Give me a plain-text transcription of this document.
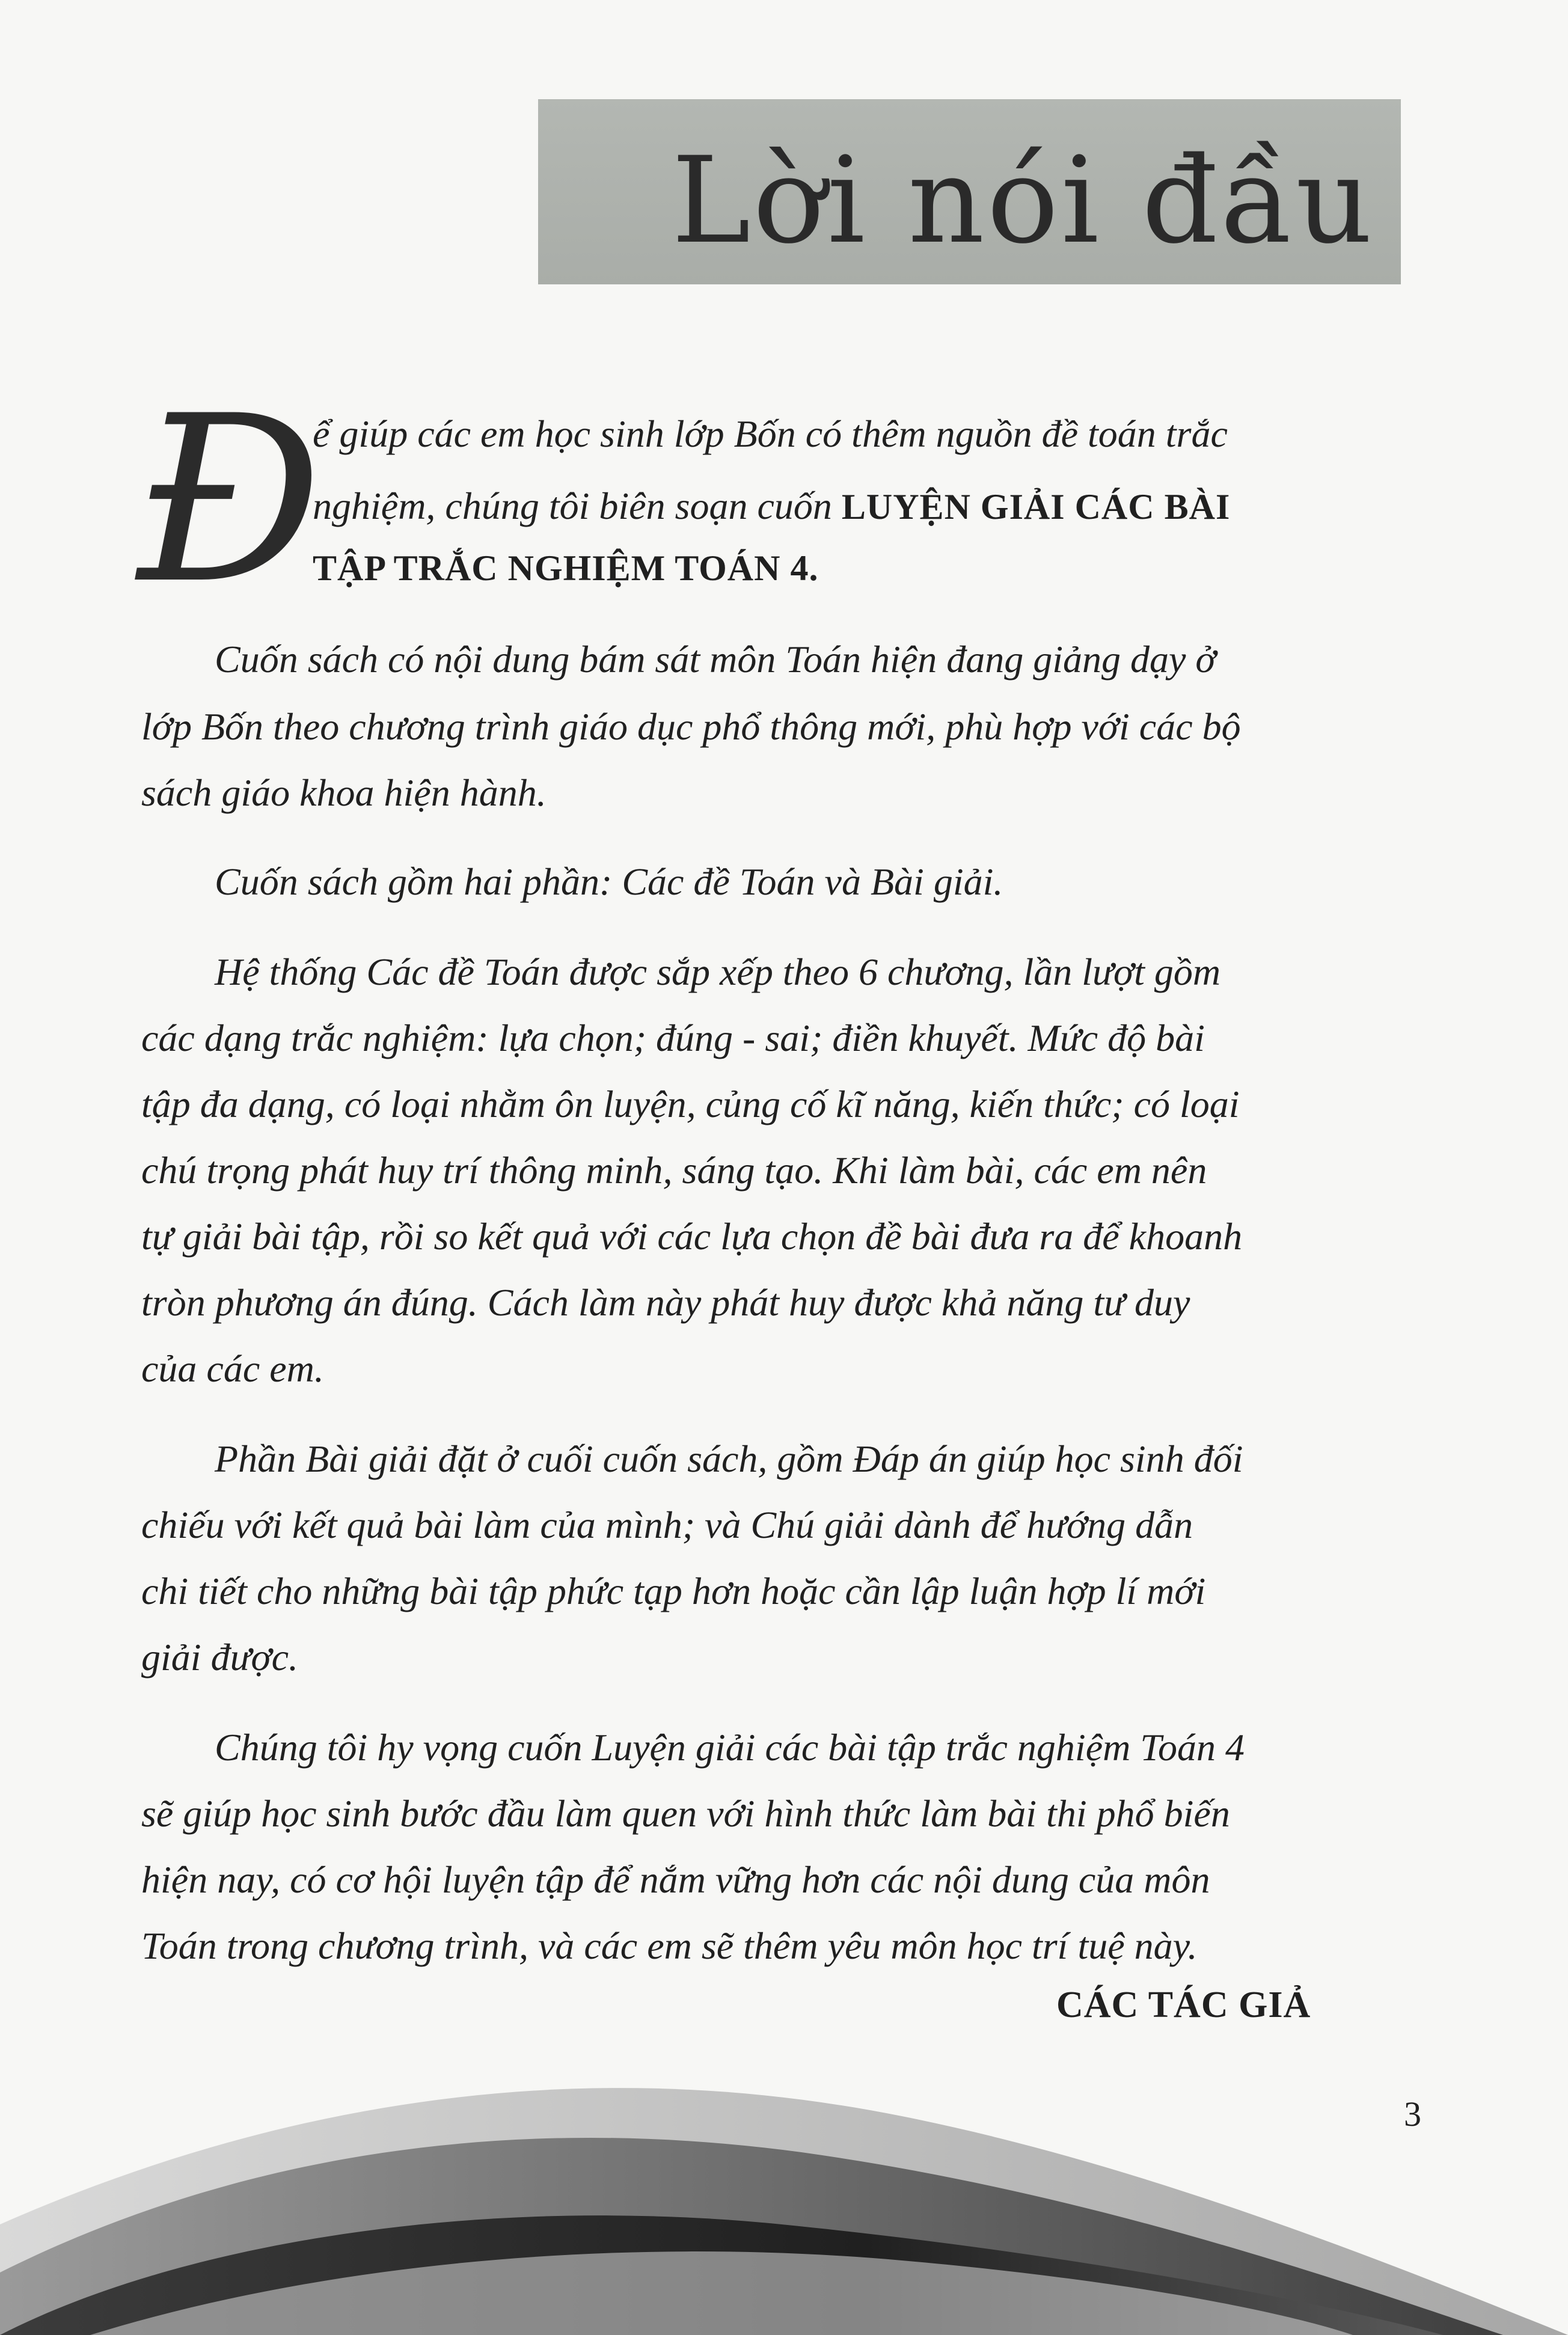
Lời nói đầu
Đ
ể giúp các em học sinh lớp Bốn có thêm nguồn đề toán trắc
nghiệm, chúng tôi biên soạn cuốn LUYỆN GIẢI CÁC BÀI
TẬP TRẮC NGHIỆM TOÁN 4.
Cuốn sách có nội dung bám sát môn Toán hiện đang giảng dạy ở
lớp Bốn theo chương trình giáo dục phổ thông mới, phù hợp với các bộ
sách giáo khoa hiện hành.
Cuốn sách gồm hai phần: Các đề Toán và Bài giải.
Hệ thống Các đề Toán được sắp xếp theo 6 chương, lần lượt gồm
các dạng trắc nghiệm: lựa chọn; đúng - sai; điền khuyết. Mức độ bài
tập đa dạng, có loại nhằm ôn luyện, củng cố kĩ năng, kiến thức; có loại
chú trọng phát huy trí thông minh, sáng tạo. Khi làm bài, các em nên
tự giải bài tập, rồi so kết quả với các lựa chọn đề bài đưa ra để khoanh
tròn phương án đúng. Cách làm này phát huy được khả năng tư duy
của các em.
Phần Bài giải đặt ở cuối cuốn sách, gồm Đáp án giúp học sinh đối
chiếu với kết quả bài làm của mình; và Chú giải dành để hướng dẫn
chi tiết cho những bài tập phức tạp hơn hoặc cần lập luận hợp lí mới
giải được.
Chúng tôi hy vọng cuốn Luyện giải các bài tập trắc nghiệm Toán 4
sẽ giúp học sinh bước đầu làm quen với hình thức làm bài thi phổ biến
hiện nay, có cơ hội luyện tập để nắm vững hơn các nội dung của môn
Toán trong chương trình, và các em sẽ thêm yêu môn học trí tuệ này.
CÁC TÁC GIẢ
3
